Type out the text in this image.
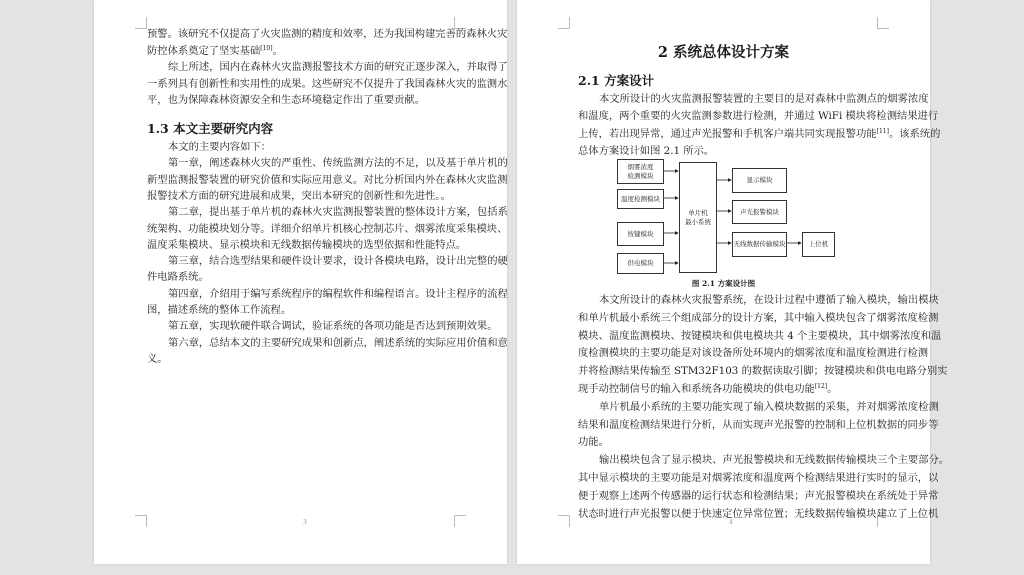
预警。该研究不仅提高了火灾监测的精度和效率，还为我国构建完善的森林火灾
防控体系奠定了坚实基础[10]。
综上所述，国内在森林火灾监测报警技术方面的研究正逐步深入，并取得了
一系列具有创新性和实用性的成果。这些研究不仅提升了我国森林火灾的监测水
平，也为保障森林资源安全和生态环境稳定作出了重要贡献。
1.3 本文主要研究内容
本文的主要内容如下：
第一章，阐述森林火灾的严重性、传统监测方法的不足，以及基于单片机的
新型监测报警装置的研究价值和实际应用意义。对比分析国内外在森林火灾监测
报警技术方面的研究进展和成果，突出本研究的创新性和先进性。。
第二章，提出基于单片机的森林火灾监测报警装置的整体设计方案，包括系
统架构、功能模块划分等。详细介绍单片机核心控制芯片、烟雾浓度采集模块、
温度采集模块、显示模块和无线数据传输模块的选型依据和性能特点。
第三章，结合选型结果和硬件设计要求，设计各模块电路，设计出完整的硬
件电路系统。
第四章，介绍用于编写系统程序的编程软件和编程语言。设计主程序的流程
图，描述系统的整体工作流程。
第五章，实现软硬件联合调试，验证系统的各项功能是否达到预期效果。
第六章，总结本文的主要研究成果和创新点，阐述系统的实际应用价值和意
义。
3
2 系统总体设计方案
2.1 方案设计
本文所设计的火灾监测报警装置的主要目的是对森林中监测点的烟雾浓度
和温度，两个重要的火灾监测参数进行检测，并通过 WiFi 模块将检测结果进行
上传，若出现异常，通过声光报警和手机客户端共同实现报警功能[11]。该系统的
总体方案设计如图 2.1 所示。
烟雾浓度
检测模块
温度检测模块
按键模块
供电模块
单片机
最小系统
显示模块
声光报警模块
无线数据传输模块	上位机
图 2.1 方案设计图
本文所设计的森林火灾报警系统，在设计过程中遵循了输入模块，输出模块
和单片机最小系统三个组成部分的设计方案，其中输入模块包含了烟雾浓度检测
模块、温度监测模块、按键模块和供电模块共 4 个主要模块，其中烟雾浓度和温
度检测模块的主要功能是对该设备所处环境内的烟雾浓度和温度检测进行检测
并将检测结果传输至 STM32F103 的数据读取引脚；按键模块和供电电路分别实
现手动控制信号的输入和系统各功能模块的供电功能[12]。
单片机最小系统的主要功能实现了输入模块数据的采集，并对烟雾浓度检测
结果和温度检测结果进行分析，从而实现声光报警的控制和上位机数据的同步等
功能。
输出模块包含了显示模块、声光报警模块和无线数据传输模块三个主要部分。
其中显示模块的主要功能是对烟雾浓度和温度两个检测结果进行实时的显示，以
便于观察上述两个传感器的运行状态和检测结果；声光报警模块在系统处于异常
状态时进行声光报警以便于快速定位异常位置；无线数据传输模块建立了上位机
4
